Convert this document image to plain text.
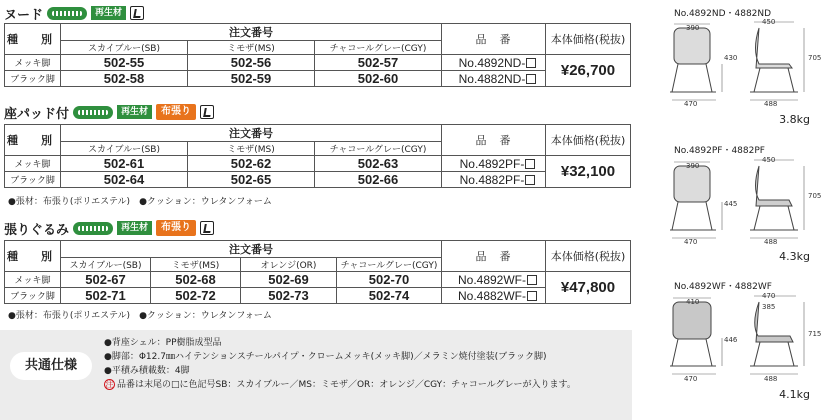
ヌード	再生材
種　別	注文番号			品　番	本体価格(税抜)
	スカイブルー(SB)	ミモザ(MS)	チャコールグレー(CGY)		
メッキ脚	502-55	502-56	502-57	No.4892ND-	¥26,700
ブラック脚	502-58	502-59	502-60	No.4882ND-	
座パッド付	再生材	布張り
種　別	注文番号			品　番	本体価格(税抜)
	スカイブルー(SB)	ミモザ(MS)	チャコールグレー(CGY)		
メッキ脚	502-61	502-62	502-63	No.4892PF-	¥32,100
ブラック脚	502-64	502-65	502-66	No.4882PF-	
●張材：布張り(ポリエステル)　●クッション：ウレタンフォーム
張りぐるみ	再生材	布張り
種　別	注文番号				品　番	本体価格(税抜)
	スカイブルー(SB)	ミモザ(MS)	オレンジ(OR)	チャコールグレー(CGY)		
メッキ脚	502-67	502-68	502-69	502-70	No.4892WF-	¥47,800
ブラック脚	502-71	502-72	502-73	502-74	No.4882WF-	
●張材：布張り(ポリエステル)　●クッション：ウレタンフォーム
共通仕様
●背座シェル：PP樹脂成型品
●脚部：Φ12.7㎜ハイテンションスチールパイプ・クロームメッキ(メッキ脚)／メラミン焼付塗装(ブラック脚)
●平積み積載数：4脚
注 品番は末尾の□に色記号SB：スカイブルー／MS：ミモザ／OR：オレンジ／CGY：チャコールグレーが入ります。
No.4892ND・4882ND
390
430
470
450
705
488
3.8kg
No.4892PF・4882PF
390
445
470
450
705
488
4.3kg
No.4892WF・4882WF
410
446
470
470
385
715
488
4.1kg
